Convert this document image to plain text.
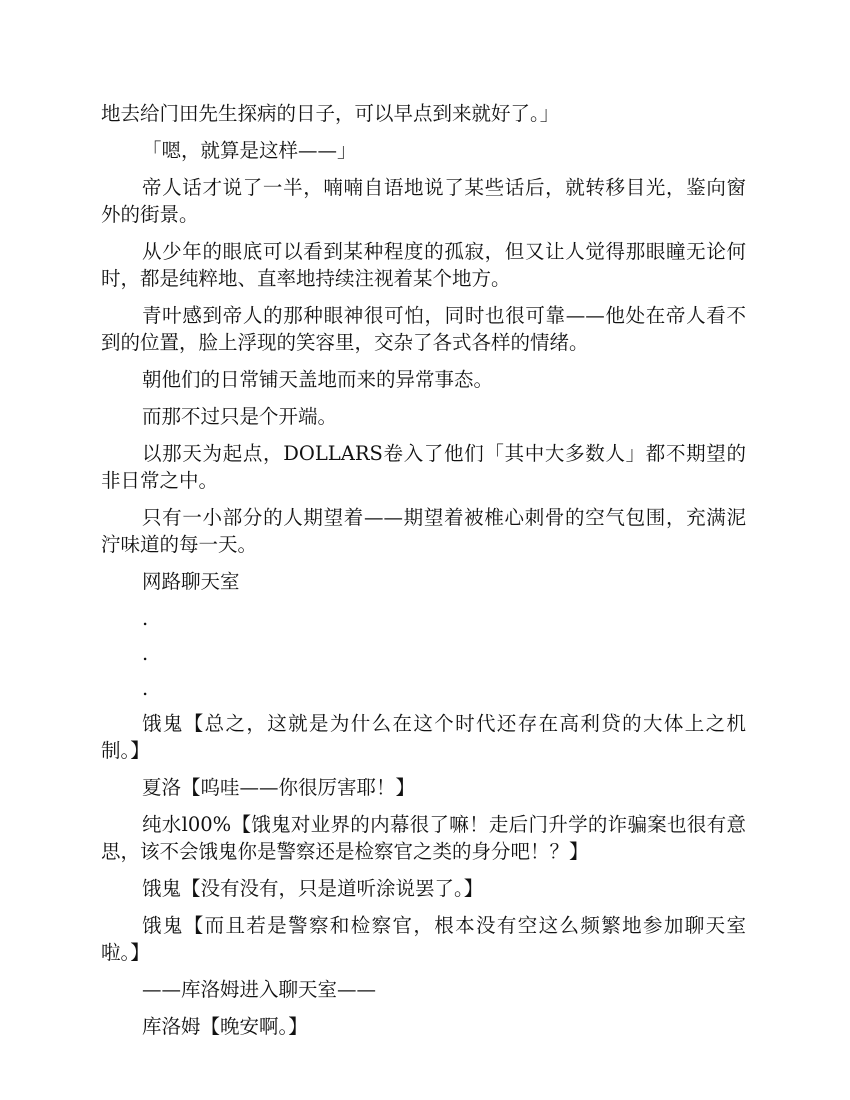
地去给门田先生探病的日子，可以早点到来就好了。」

「嗯，就算是这样——」

帝人话才说了一半，喃喃自语地说了某些话后，就转移目光，鉴向窗外的街景。

从少年的眼底可以看到某种程度的孤寂，但又让人觉得那眼瞳无论何时，都是纯粹地、直率地持续注视着某个地方。

青叶感到帝人的那种眼神很可怕，同时也很可靠——他处在帝人看不到的位置，脸上浮现的笑容里，交杂了各式各样的情绪。

朝他们的日常铺天盖地而来的异常事态。

而那不过只是个开端。

以那天为起点，DOLLARS卷入了他们「其中大多数人」都不期望的非日常之中。

只有一小部分的人期望着——期望着被椎心刺骨的空气包围，充满泥泞味道的每一天。

网路聊天室

.
.
.

饿鬼【总之，这就是为什么在这个时代还存在高利贷的大体上之机制。】

夏洛【呜哇——你很厉害耶！】

纯水l00%【饿鬼对业界的内幕很了嘛！走后门升学的诈骗案也很有意思，该不会饿鬼你是警察还是检察官之类的身分吧！？】

饿鬼【没有没有，只是道听涂说罢了。】

饿鬼【而且若是警察和检察官，根本没有空这么频繁地参加聊天室啦。】

——库洛姆进入聊天室——

库洛姆【晚安啊。】
